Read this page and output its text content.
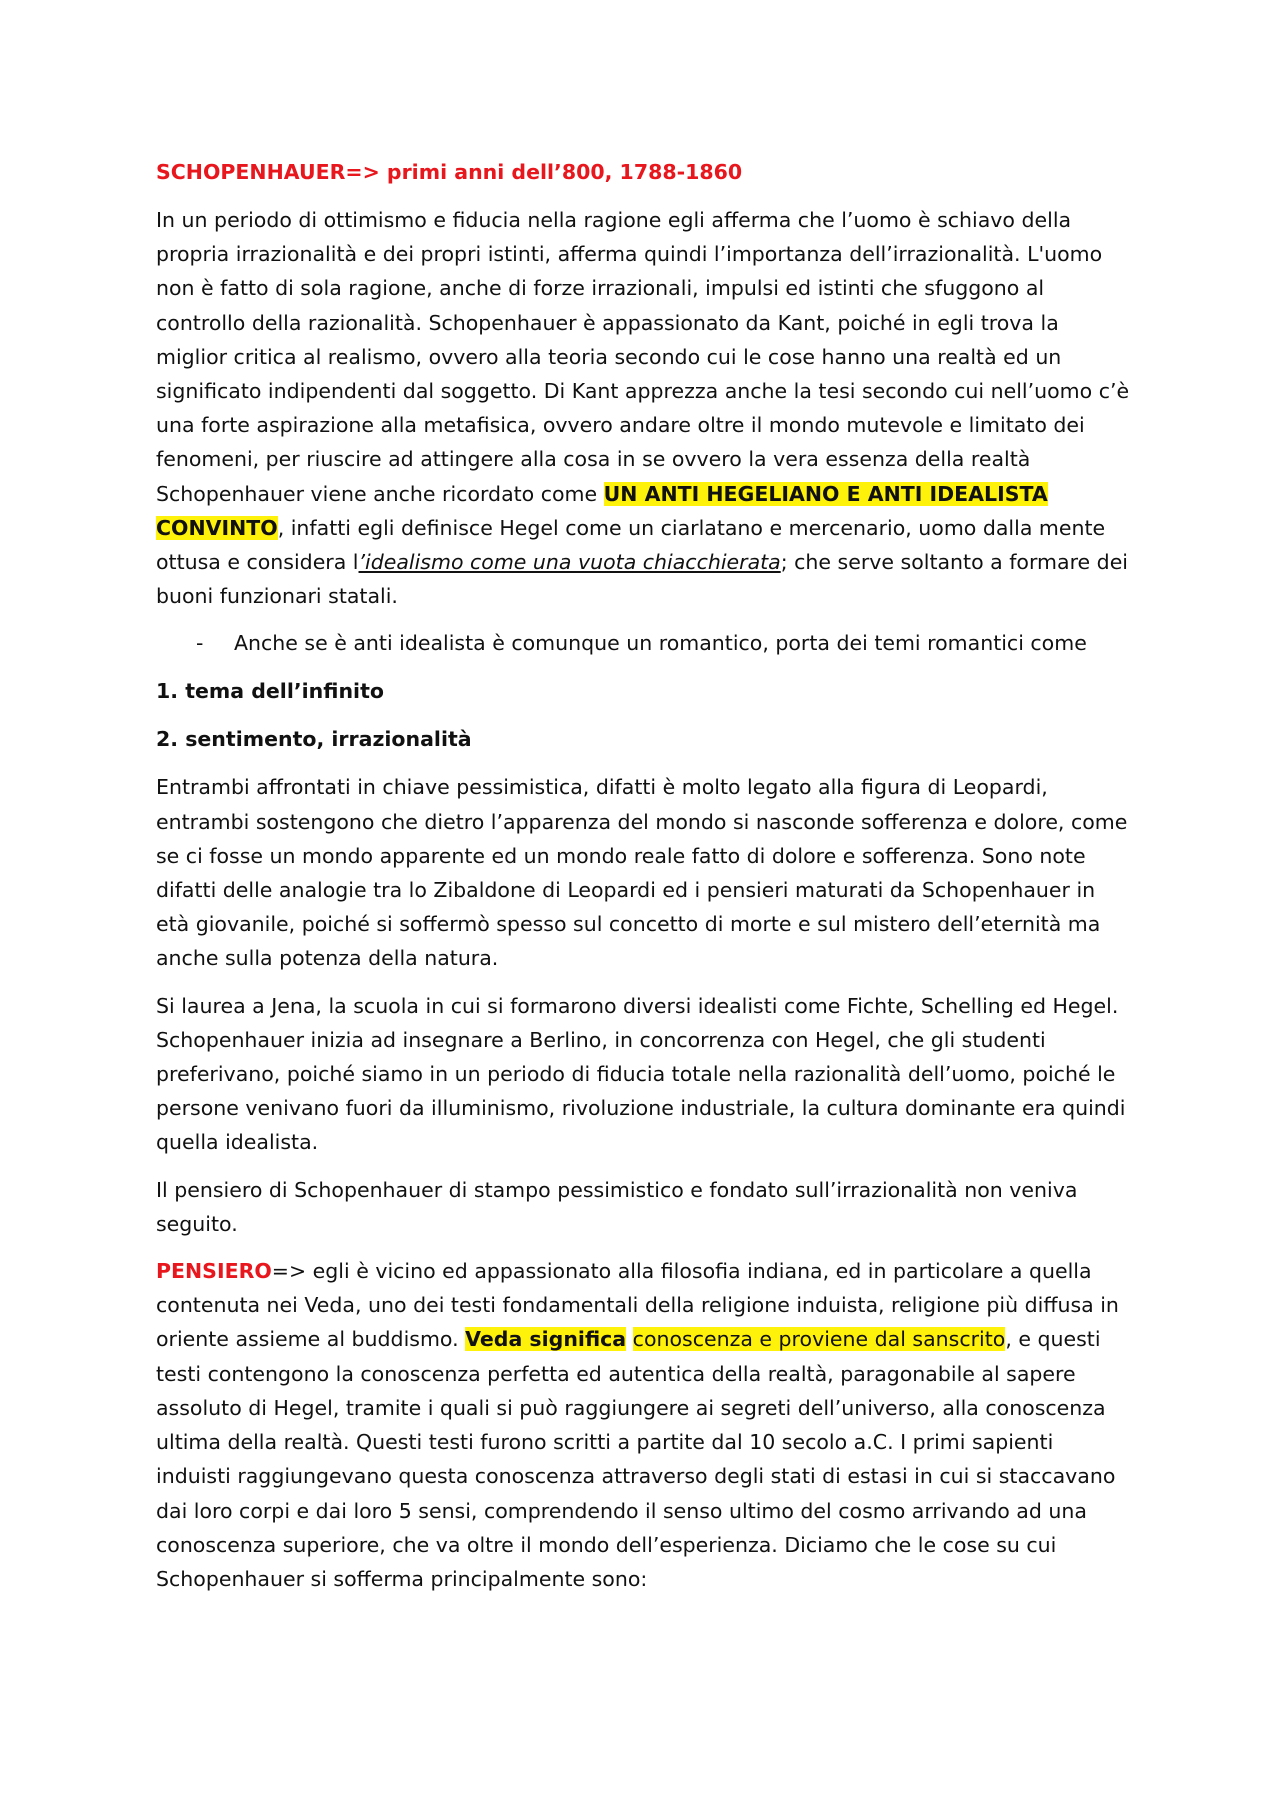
SCHOPENHAUER=> primi anni dell’800, 1788-1860

In un periodo di ottimismo e fiducia nella ragione egli afferma che l’uomo è schiavo della propria irrazionalità e dei propri istinti, afferma quindi l’importanza dell’irrazionalità. L'uomo non è fatto di sola ragione, anche di forze irrazionali, impulsi ed istinti che sfuggono al controllo della razionalità. Schopenhauer è appassionato da Kant, poiché in egli trova la miglior critica al realismo, ovvero alla teoria secondo cui le cose hanno una realtà ed un significato indipendenti dal soggetto. Di Kant apprezza anche la tesi secondo cui nell’uomo c’è una forte aspirazione alla metafisica, ovvero andare oltre il mondo mutevole e limitato dei fenomeni, per riuscire ad attingere alla cosa in se ovvero la vera essenza della realtà Schopenhauer viene anche ricordato come UN ANTI HEGELIANO E ANTI IDEALISTA CONVINTO, infatti egli definisce Hegel come un ciarlatano e mercenario, uomo dalla mente ottusa e considera l’idealismo come una vuota chiacchierata; che serve soltanto a formare dei buoni funzionari statali.

-	Anche se è anti idealista è comunque un romantico, porta dei temi romantici come
1. tema dell’infinito
2. sentimento, irrazionalità

Entrambi affrontati in chiave pessimistica, difatti è molto legato alla figura di Leopardi, entrambi sostengono che dietro l’apparenza del mondo si nasconde sofferenza e dolore, come se ci fosse un mondo apparente ed un mondo reale fatto di dolore e sofferenza. Sono note difatti delle analogie tra lo Zibaldone di Leopardi ed i pensieri maturati da Schopenhauer in età giovanile, poiché si soffermò spesso sul concetto di morte e sul mistero dell’eternità ma anche sulla potenza della natura.

Si laurea a Jena, la scuola in cui si formarono diversi idealisti come Fichte, Schelling ed Hegel. Schopenhauer inizia ad insegnare a Berlino, in concorrenza con Hegel, che gli studenti preferivano, poiché siamo in un periodo di fiducia totale nella razionalità dell’uomo, poiché le persone venivano fuori da illuminismo, rivoluzione industriale, la cultura dominante era quindi quella idealista.

Il pensiero di Schopenhauer di stampo pessimistico e fondato sull’irrazionalità non veniva seguito.

PENSIERO=> egli è vicino ed appassionato alla filosofia indiana, ed in particolare a quella contenuta nei Veda, uno dei testi fondamentali della religione induista, religione più diffusa in oriente assieme al buddismo. Veda significa conoscenza e proviene dal sanscrito, e questi testi contengono la conoscenza perfetta ed autentica della realtà, paragonabile al sapere assoluto di Hegel, tramite i quali si può raggiungere ai segreti dell’universo, alla conoscenza ultima della realtà. Questi testi furono scritti a partite dal 10 secolo a.C. I primi sapienti induisti raggiungevano questa conoscenza attraverso degli stati di estasi in cui si staccavano dai loro corpi e dai loro 5 sensi, comprendendo il senso ultimo del cosmo arrivando ad una conoscenza superiore, che va oltre il mondo dell’esperienza. Diciamo che le cose su cui Schopenhauer si sofferma principalmente sono:
